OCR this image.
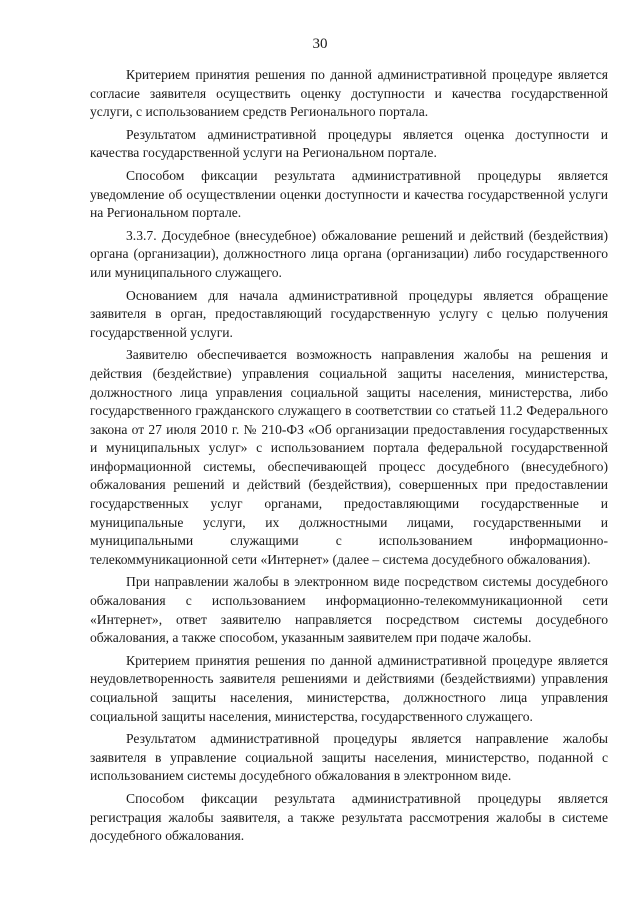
30

Критерием принятия решения по данной административной процедуре является согласие заявителя осуществить оценку доступности и качества государственной услуги, с использованием средств Регионального портала.

Результатом административной процедуры является оценка доступности и качества государственной услуги на Региональном портале.

Способом фиксации результата административной процедуры является уведомление об осуществлении оценки доступности и качества государственной услуги на Региональном портале.

3.3.7. Досудебное (внесудебное) обжалование решений и действий (бездействия) органа (организации), должностного лица органа (организации) либо государственного или муниципального служащего.

Основанием для начала административной процедуры является обращение заявителя в орган, предоставляющий государственную услугу с целью получения государственной услуги.

Заявителю обеспечивается возможность направления жалобы на решения и действия (бездействие) управления социальной защиты населения, министерства, должностного лица управления социальной защиты населения, министерства, либо государственного гражданского служащего в соответствии со статьей 11.2 Федерального закона от 27 июля 2010 г. № 210-ФЗ «Об организации предоставления государственных и муниципальных услуг» с использованием портала федеральной государственной информационной системы, обеспечивающей процесс досудебного (внесудебного) обжалования решений и действий (бездействия), совершенных при предоставлении государственных услуг органами, предоставляющими государственные и муниципальные услуги, их должностными лицами, государственными и муниципальными служащими с использованием информационно-телекоммуникационной сети «Интернет» (далее – система досудебного обжалования).

При направлении жалобы в электронном виде посредством системы досудебного обжалования с использованием информационно-телекоммуникационной сети «Интернет», ответ заявителю направляется посредством системы досудебного обжалования, а также способом, указанным заявителем при подаче жалобы.

Критерием принятия решения по данной административной процедуре является неудовлетворенность заявителя решениями и действиями (бездействиями) управления социальной защиты населения, министерства, должностного лица управления социальной защиты населения, министерства, государственного служащего.

Результатом административной процедуры является направление жалобы заявителя в управление социальной защиты населения, министерство, поданной с использованием системы досудебного обжалования в электронном виде.

Способом фиксации результата административной процедуры является регистрация жалобы заявителя, а также результата рассмотрения жалобы в системе досудебного обжалования.
